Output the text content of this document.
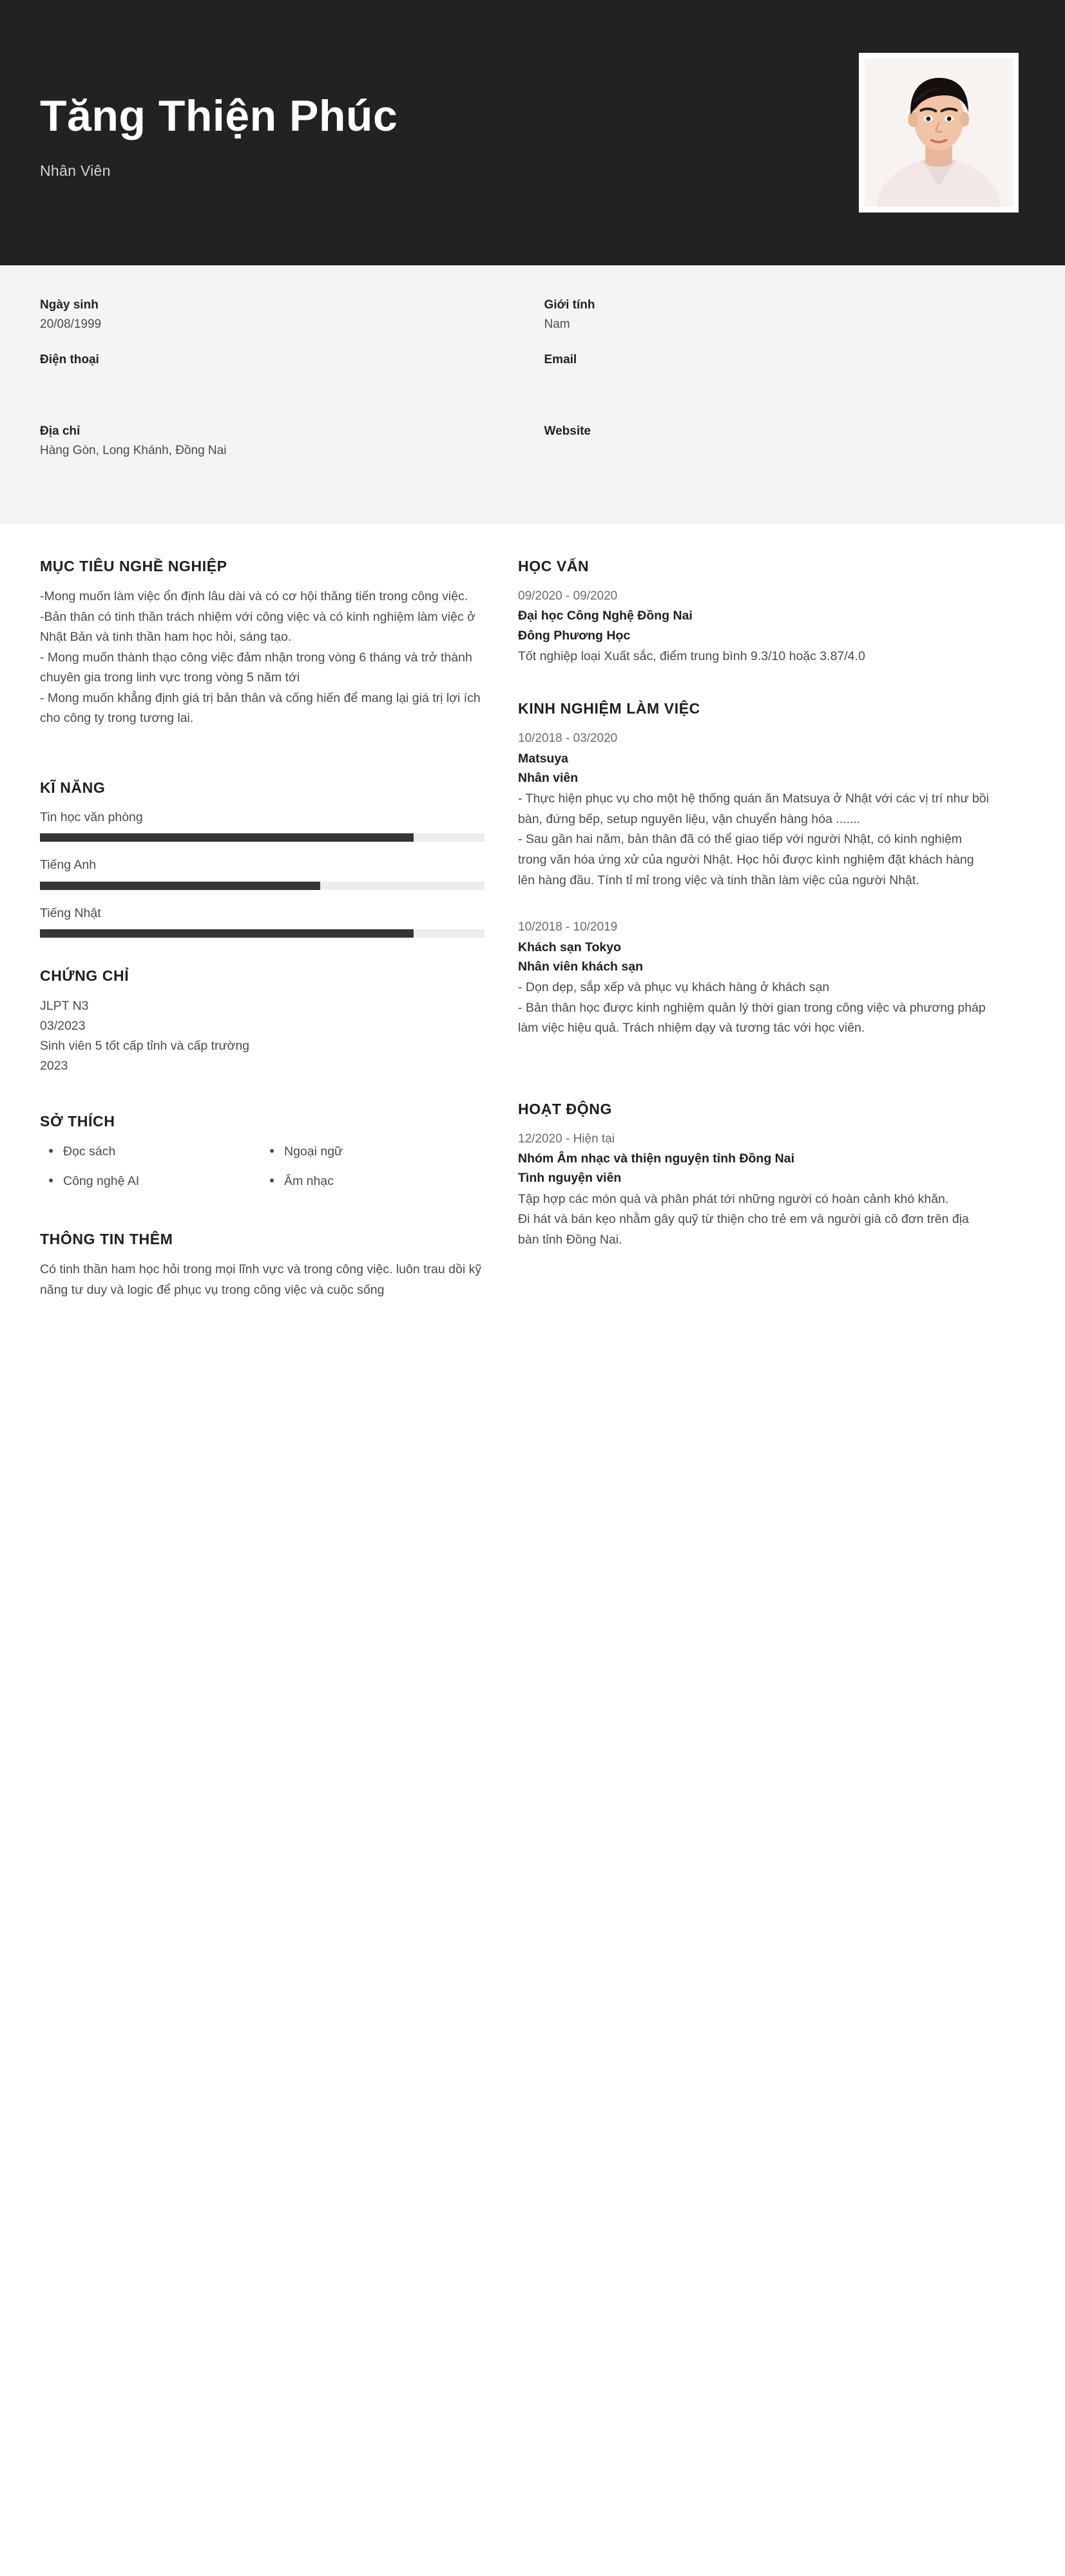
Tăng Thiện Phúc
Nhân Viên
Ngày sinh
20/08/1999
Điện thoại
Địa chỉ
Hàng Gòn, Long Khánh, Đồng Nai
Giới tính
Nam
Email
Website
MỤC TIÊU NGHỀ NGHIỆP

-Mong muốn làm việc ổn định lâu dài và có cơ hội thăng tiến trong công việc.

-Bản thân có tinh thần trách nhiệm với công việc và có kinh nghiệm làm việc ở Nhật Bản và tinh thần ham học hỏi, sáng tạo.

- Mong muốn thành thạo công việc đảm nhận trong vòng 6 tháng và trở thành chuyên gia trong linh vực trong vòng 5 năm tới

- Mong muốn khẳng định giá trị bản thân và cống hiến để mang lại giá trị lợi ích cho công ty trong tương lai.

KĨ NĂNG
Tin học văn phòng
Tiếng Anh
Tiếng Nhật
CHỨNG CHỈ
JLPT N3
03/2023
Sinh viên 5 tốt cấp tỉnh và cấp trường
2023
SỞ THÍCH
Đọc sách	Ngoại ngữ
Công nghệ AI	Âm nhạc
THÔNG TIN THÊM

Có tinh thần ham học hỏi trong mọi lĩnh vực và trong công việc. luôn trau dồi kỹ năng tư duy và logic để phục vụ trong công việc và cuộc sống

HỌC VẤN
09/2020 - 09/2020
Đại học Công Nghệ Đồng Nai
Đông Phương Học
Tốt nghiệp loại Xuất sắc, điểm trung bình 9.3/10 hoặc 3.87/4.0
KINH NGHIỆM LÀM VIỆC
10/2018 - 03/2020
Matsuya
Nhân viên
- Thực hiện phục vụ cho một hệ thống quán ăn Matsuya ở Nhật với các vị trí như bồi bàn, đứng bếp, setup nguyên liệu, vận chuyển hàng hóa .......
- Sau gần hai năm, bản thân đã có thể giao tiếp với người Nhật, có kinh nghiệm trong văn hóa ứng xử của người Nhật. Học hỏi được kình nghiệm đặt khách hàng lên hàng đầu. Tính tỉ mỉ trong việc và tinh thần làm việc của người Nhật.
10/2018 - 10/2019
Khách sạn Tokyo
Nhân viên khách sạn
- Dọn dẹp, sắp xếp và phục vụ khách hàng ở khách sạn
- Bản thân học được kinh nghiệm quản lý thời gian trong công việc và phương pháp làm việc hiệu quả. Trách nhiệm dạy và tương tác với học viên.
HOẠT ĐỘNG
12/2020 - Hiện tại
Nhóm Âm nhạc và thiện nguyện tỉnh Đồng Nai
Tình nguyện viên
Tập hợp các món quà và phân phát tới những người có hoàn cảnh khó khăn.
Đi hát và bán kẹo nhằm gây quỹ từ thiện cho trẻ em và người già cô đơn trên địa bàn tỉnh Đồng Nai.
